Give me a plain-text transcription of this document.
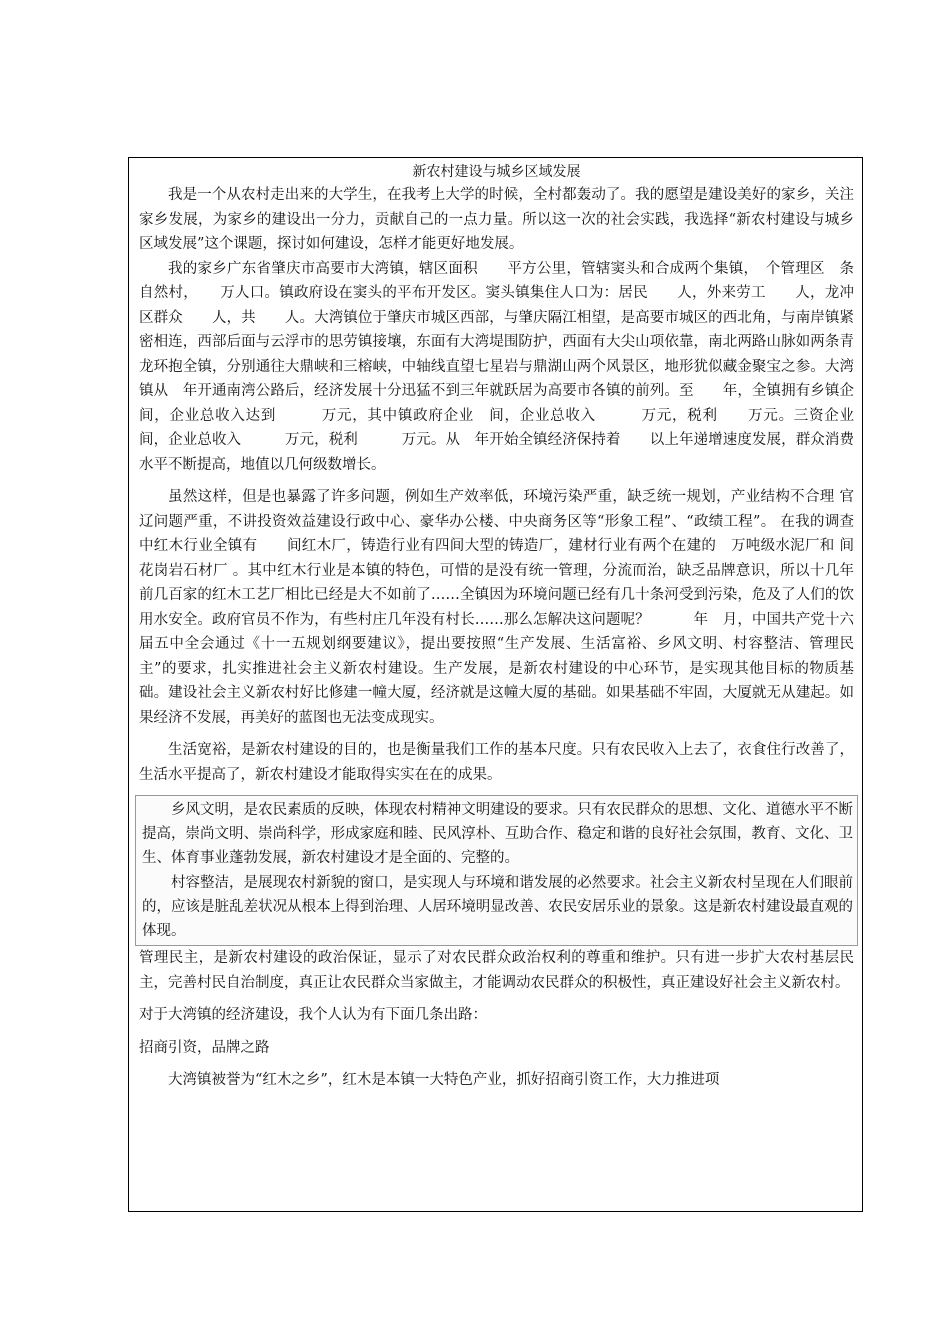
新农村建设与城乡区域发展

我是一个从农村走出来的大学生，在我考上大学的时候，全村都轰动了。我的愿望是建设美好的家乡，关注家乡发展，为家乡的建设出一分力，贡献自己的一点力量。所以这一次的社会实践，我选择“新农村建设与城乡区域发展”这个课题，探讨如何建设，怎样才能更好地发展。

我的家乡广东省肇庆市高要市大湾镇，辖区面积　　平方公里，管辖窦头和合成两个集镇，　个管理区　条自然村，　　万人口。镇政府设在窦头的平布开发区。窦头镇集住人口为：居民　　人，外来劳工　　人，龙冲区群众　　人，共　　人。大湾镇位于肇庆市城区西部，与肇庆隔江相望，是高要市城区的西北角，与南岸镇紧密相连，西部后面与云浮市的思劳镇接壤，东面有大湾堤围防护，西面有大尖山项依靠，南北两路山脉如两条青龙环抱全镇，分别通往大鼎峡和三榕峡，中轴线直望七星岩与鼎湖山两个风景区，地形犹似藏金聚宝之参。大湾镇从　年开通南湾公路后，经济发展十分迅猛不到三年就跃居为高要市各镇的前列。至　　年，全镇拥有乡镇企　间，企业总收入达到　　　万元，其中镇政府企业　间，企业总收入　　　万元，税利　　万元。三资企业　间，企业总收入　　　万元，税利　　　万元。从　年开始全镇经济保持着　　以上年递增速度发展，群众消费水平不断提高，地值以几何级数增长。

虽然这样，但是也暴露了许多问题，例如生产效率低，环境污染严重，缺乏统一规划，产业结构不合理 官辽问题严重，不讲投资效益建设行政中心、豪华办公楼、中央商务区等“形象工程”、“政绩工程”。 在我的调查中红木行业全镇有　　间红木厂，铸造行业有四间大型的铸造厂，建材行业有两个在建的　万吨级水泥厂和 间花岗岩石材厂 。其中红木行业是本镇的特色，可惜的是没有统一管理，分流而治，缺乏品牌意识，所以十几年前几百家的红木工艺厂相比已经是大不如前了……全镇因为环境问题已经有几十条河受到污染，危及了人们的饮用水安全。政府官员不作为，有些村庄几年没有村长……那么怎解决这问题呢？　　　年　月，中国共产党十六届五中全会通过《十一五规划纲要建议》，提出要按照“生产发展、生活富裕、乡风文明、村容整洁、管理民主”的要求，扎实推进社会主义新农村建设。生产发展，是新农村建设的中心环节，是实现其他目标的物质基础。建设社会主义新农村好比修建一幢大厦，经济就是这幢大厦的基础。如果基础不牢固，大厦就无从建起。如果经济不发展，再美好的蓝图也无法变成现实。

生活宽裕，是新农村建设的目的，也是衡量我们工作的基本尺度。只有农民收入上去了，衣食住行改善了，生活水平提高了，新农村建设才能取得实实在在的成果。

乡风文明，是农民素质的反映，体现农村精神文明建设的要求。只有农民群众的思想、文化、道德水平不断提高，崇尚文明、崇尚科学，形成家庭和睦、民风淳朴、互助合作、稳定和谐的良好社会氛围，教育、文化、卫生、体育事业蓬勃发展，新农村建设才是全面的、完整的。

村容整洁，是展现农村新貌的窗口，是实现人与环境和谐发展的必然要求。社会主义新农村呈现在人们眼前的，应该是脏乱差状况从根本上得到治理、人居环境明显改善、农民安居乐业的景象。这是新农村建设最直观的体现。

管理民主，是新农村建设的政治保证，显示了对农民群众政治权利的尊重和维护。只有进一步扩大农村基层民主，完善村民自治制度，真正让农民群众当家做主，才能调动农民群众的积极性，真正建设好社会主义新农村。

对于大湾镇的经济建设，我个人认为有下面几条出路：

招商引资，品牌之路

大湾镇被誉为“红木之乡”，红木是本镇一大特色产业，抓好招商引资工作，大力推进项
